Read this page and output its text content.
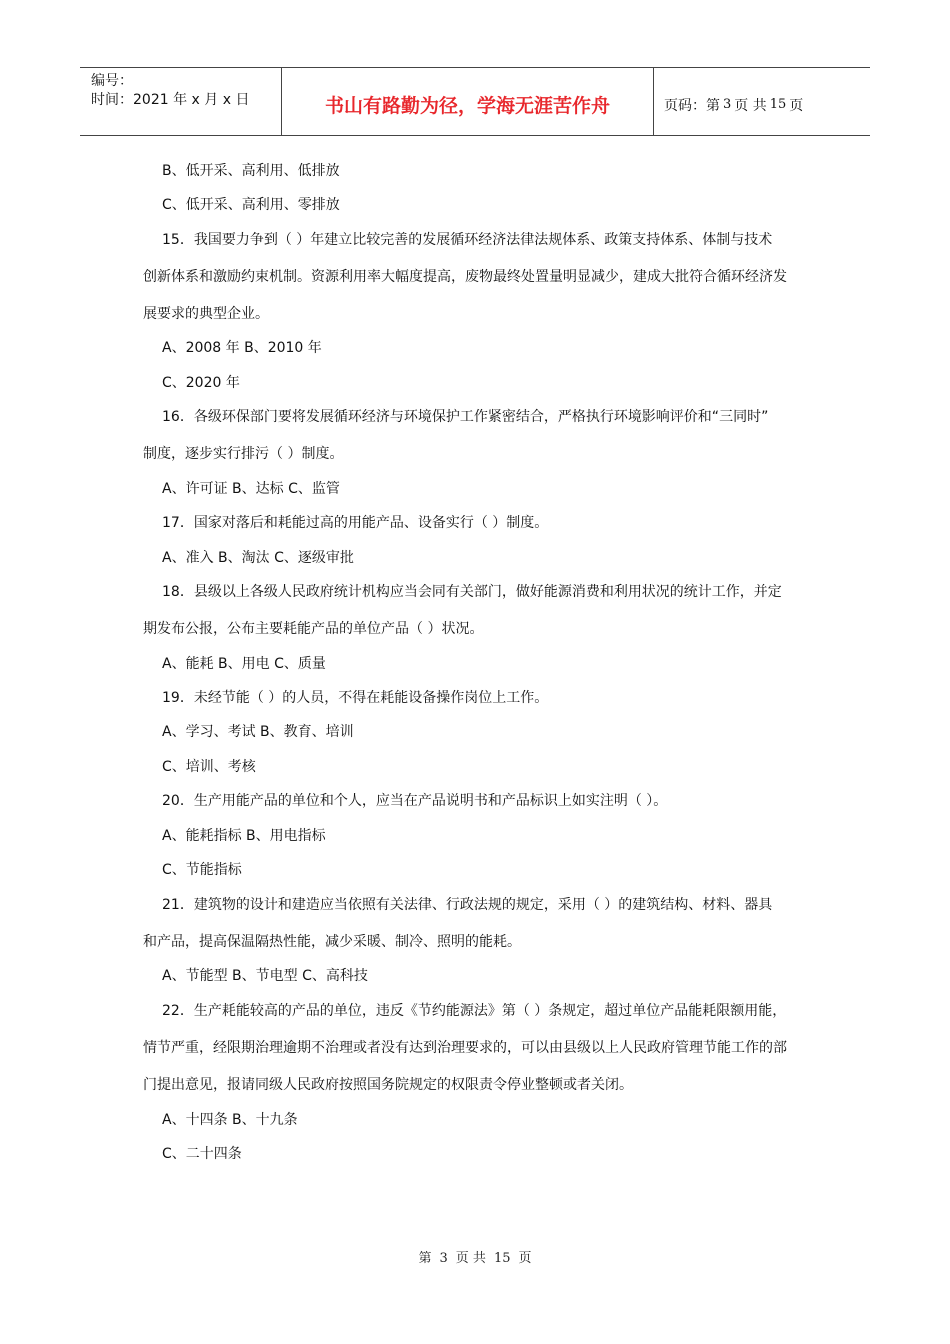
编号：
时间：2021 年 x 月 x 日	书山有路勤为径，学海无涯苦作舟	页码：第 3 页 共 15 页
B、低开采、高利用、低排放
C、低开采、高利用、零排放
15．我国要力争到（ ）年建立比较完善的发展循环经济法律法规体系、政策支持体系、体制与技术
创新体系和激励约束机制。资源利用率大幅度提高，废物最终处置量明显减少，建成大批符合循环经济发
展要求的典型企业。
A、2008 年 B、2010 年
C、2020 年
16．各级环保部门要将发展循环经济与环境保护工作紧密结合，严格执行环境影响评价和“三同时”
制度，逐步实行排污（ ）制度。
A、许可证 B、达标 C、监管
17．国家对落后和耗能过高的用能产品、设备实行（ ）制度。
A、准入 B、淘汰 C、逐级审批
18．县级以上各级人民政府统计机构应当会同有关部门，做好能源消费和利用状况的统计工作，并定
期发布公报，公布主要耗能产品的单位产品（ ）状况。
A、能耗 B、用电 C、质量
19．未经节能（ ）的人员，不得在耗能设备操作岗位上工作。
A、学习、考试 B、教育、培训
C、培训、考核
20．生产用能产品的单位和个人，应当在产品说明书和产品标识上如实注明（ ）。
A、能耗指标 B、用电指标
C、节能指标
21．建筑物的设计和建造应当依照有关法律、行政法规的规定，采用（ ）的建筑结构、材料、器具
和产品，提高保温隔热性能，减少采暖、制冷、照明的能耗。
A、节能型 B、节电型 C、高科技
22．生产耗能较高的产品的单位，违反《节约能源法》第（ ）条规定，超过单位产品能耗限额用能，
情节严重，经限期治理逾期不治理或者没有达到治理要求的，可以由县级以上人民政府管理节能工作的部
门提出意见，报请同级人民政府按照国务院规定的权限责令停业整顿或者关闭。
A、十四条 B、十九条
C、二十四条
第 3 页 共 15 页
